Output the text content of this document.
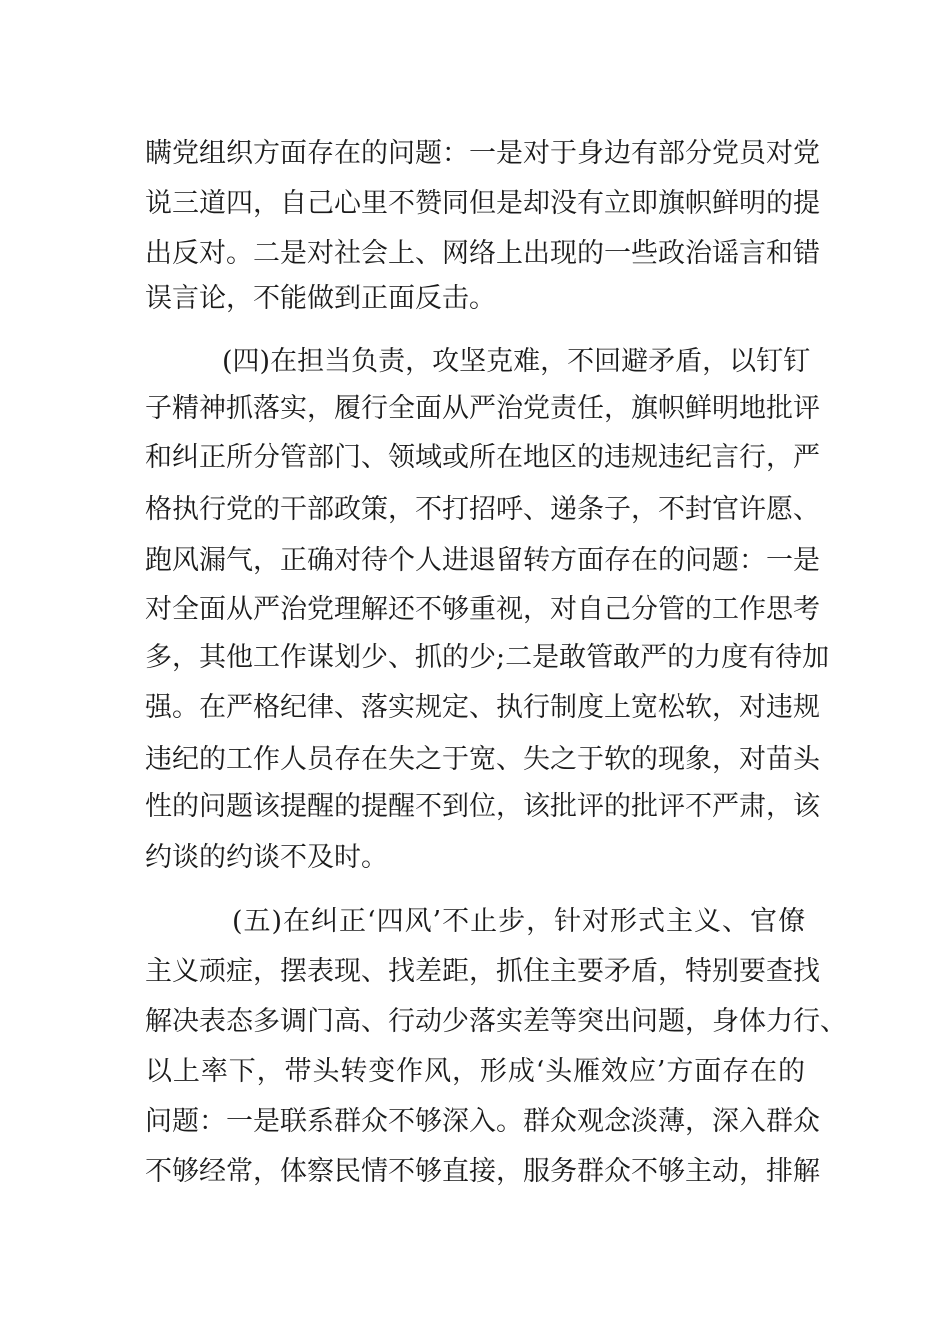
瞒党组织方面存在的问题：一是对于身边有部分党员对党
说三道四，自己心里不赞同但是却没有立即旗帜鲜明的提
出反对。二是对社会上、网络上出现的一些政治谣言和错
误言论，不能做到正面反击。
(四)在担当负责，攻坚克难，不回避矛盾，以钉钉
子精神抓落实，履行全面从严治党责任，旗帜鲜明地批评
和纠正所分管部门、领域或所在地区的违规违纪言行，严
格执行党的干部政策，不打招呼、递条子，不封官许愿、
跑风漏气，正确对待个人进退留转方面存在的问题：一是
对全面从严治党理解还不够重视，对自己分管的工作思考
多，其他工作谋划少、抓的少;二是敢管敢严的力度有待加
强。在严格纪律、落实规定、执行制度上宽松软，对违规
违纪的工作人员存在失之于宽、失之于软的现象，对苗头
性的问题该提醒的提醒不到位，该批评的批评不严肃，该
约谈的约谈不及时。
(五)在纠正‘四风’不止步，针对形式主义、官僚
主义顽症，摆表现、找差距，抓住主要矛盾，特别要查找
解决表态多调门高、行动少落实差等突出问题，身体力行、
以上率下，带头转变作风，形成‘头雁效应’方面存在的
问题：一是联系群众不够深入。群众观念淡薄，深入群众
不够经常，体察民情不够直接，服务群众不够主动，排解
